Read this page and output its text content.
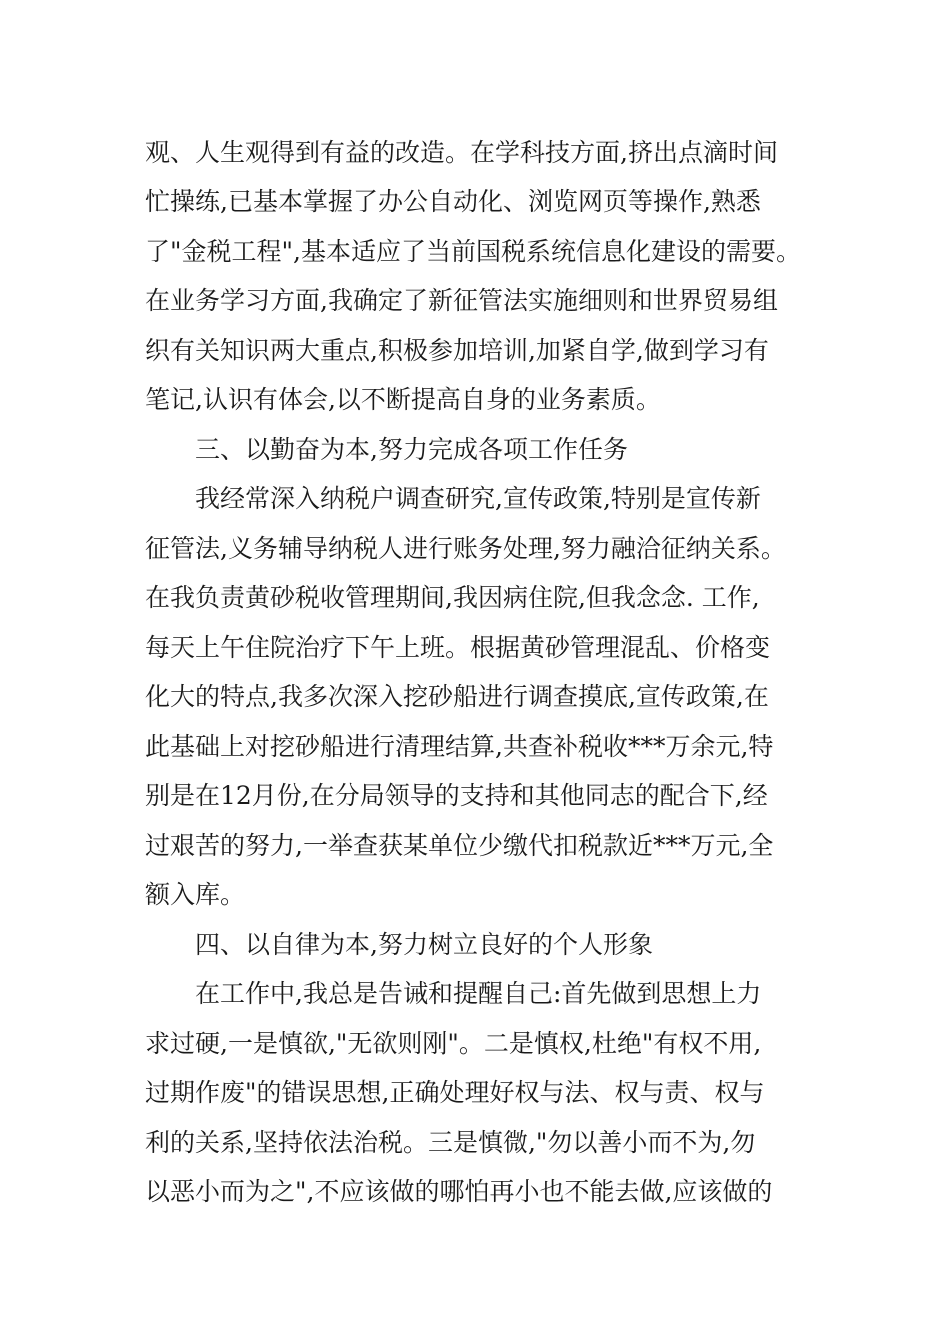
观、人生观得到有益的改造。在学科技方面,挤出点滴时间
忙操练,已基本掌握了办公自动化、浏览网页等操作,熟悉
了"金税工程",基本适应了当前国税系统信息化建设的需要。
在业务学习方面,我确定了新征管法实施细则和世界贸易组
织有关知识两大重点,积极参加培训,加紧自学,做到学习有
笔记,认识有体会,以不断提高自身的业务素质。
三、以勤奋为本,努力完成各项工作任务
我经常深入纳税户调查研究,宣传政策,特别是宣传新
征管法,义务辅导纳税人进行账务处理,努力融洽征纳关系。
在我负责黄砂税收管理期间,我因病住院,但我念念. 工作,
每天上午住院治疗下午上班。根据黄砂管理混乱、价格变
化大的特点,我多次深入挖砂船进行调查摸底,宣传政策,在
此基础上对挖砂船进行清理结算,共查补税收***万余元,特
别是在12月份,在分局领导的支持和其他同志的配合下,经
过艰苦的努力,一举查获某单位少缴代扣税款近***万元,全
额入库。
四、以自律为本,努力树立良好的个人形象
在工作中,我总是告诫和提醒自己:首先做到思想上力
求过硬,一是慎欲,"无欲则刚"。二是慎权,杜绝"有权不用,
过期作废"的错误思想,正确处理好权与法、权与责、权与
利的关系,坚持依法治税。三是慎微,"勿以善小而不为,勿
以恶小而为之",不应该做的哪怕再小也不能去做,应该做的
